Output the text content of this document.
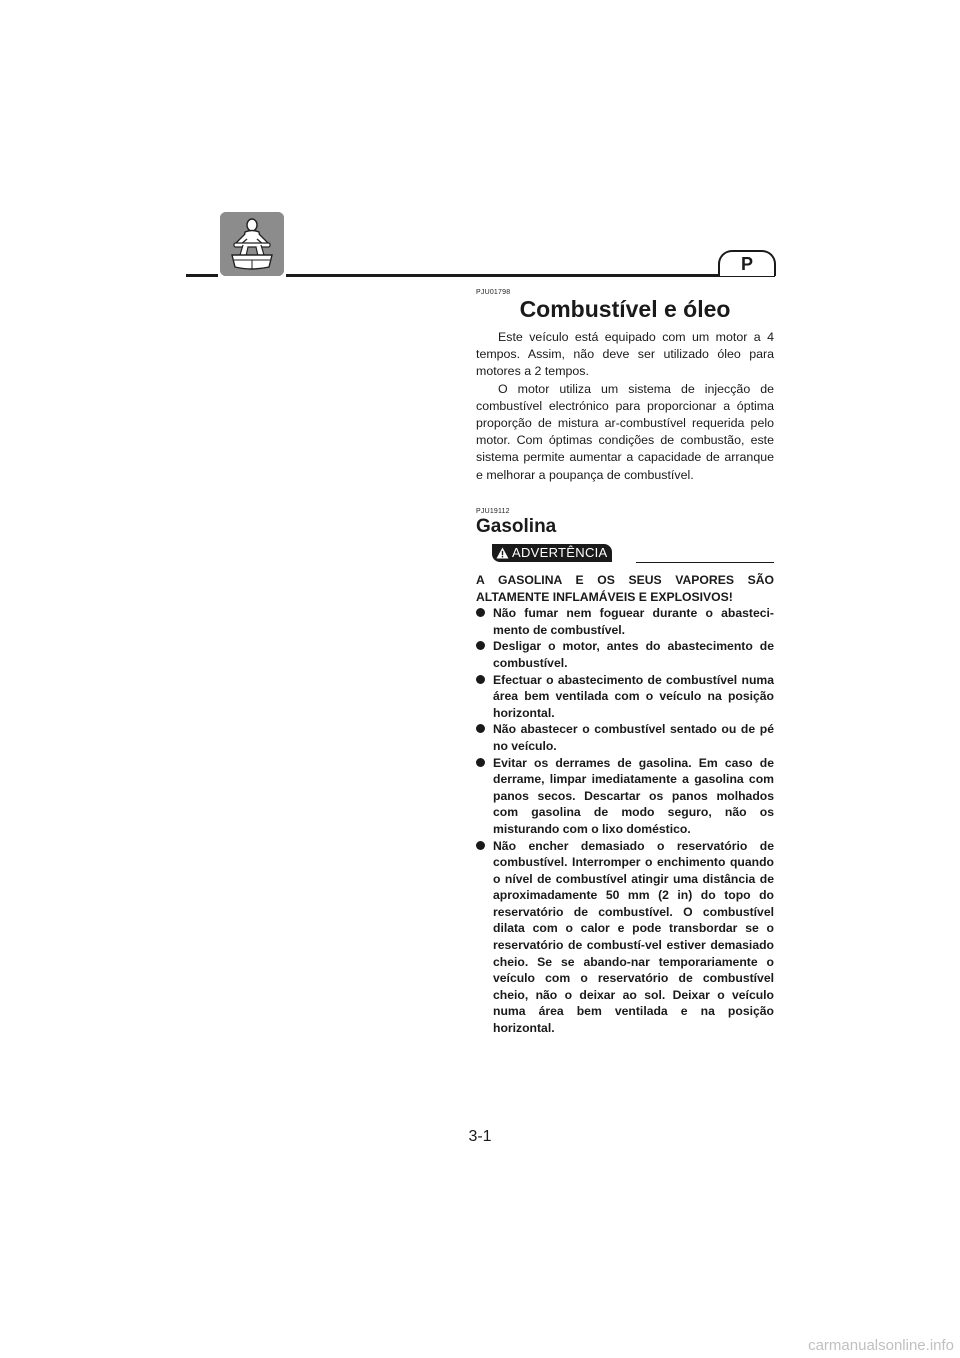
P

PJU01798

Combustível e óleo

Este veículo está equipado com um motor a 4 tempos. Assim, não deve ser utilizado óleo para motores a 2 tempos.

O motor utiliza um sistema de injecção de combustível electrónico para proporcionar a óptima proporção de mistura ar-combustível requerida pelo motor. Com óptimas condições de combustão, este sistema permite aumentar a capacidade de arranque e melhorar a poupança de combustível.

PJU19112

Gasolina
ADVERTÊNCIA

A GASOLINA E OS SEUS VAPORES SÃO ALTAMENTE INFLAMÁVEIS E EXPLOSIVOS!

Não fumar nem foguear durante o abasteci-mento de combustível.
Desligar o motor, antes do abastecimento de combustível.
Efectuar o abastecimento de combustível numa área bem ventilada com o veículo na posição horizontal.
Não abastecer o combustível sentado ou de pé no veículo.
Evitar os derrames de gasolina. Em caso de derrame, limpar imediatamente a gasolina com panos secos. Descartar os panos molhados com gasolina de modo seguro, não os misturando com o lixo doméstico.
Não encher demasiado o reservatório de combustível. Interromper o enchimento quando o nível de combustível atingir uma distância de aproximadamente 50 mm (2 in) do topo do reservatório de combustível. O combustível dilata com o calor e pode transbordar se o reservatório de combustí-vel estiver demasiado cheio. Se se abando-nar temporariamente o veículo com o reservatório de combustível cheio, não o deixar ao sol. Deixar o veículo numa área bem ventilada e na posição horizontal.
3-1
carmanualsonline.info
